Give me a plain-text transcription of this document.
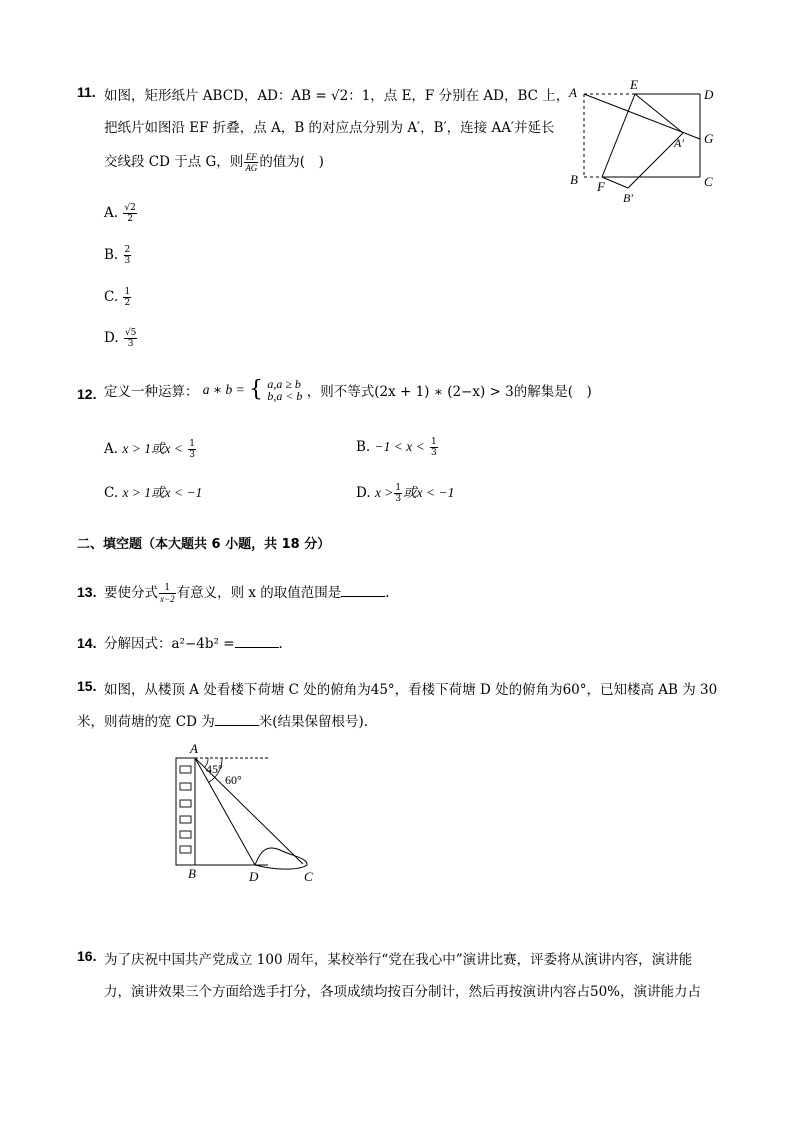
11. 如图，矩形纸片 ABCD，AD：AB = √2：1，点 E，F 分别在 AD，BC 上，
把纸片如图沿 EF 折叠，点 A，B 的对应点分别为 A′，B′，连接 AA′并延长
交线段 CD 于点 G，则 $\frac{EF}{AG}$ 的值为(　)
A. $\frac{√2}{2}$
B. $\frac{2}{3}$
C. $\frac{1}{2}$
D. $\frac{√5}{3}$
A
E
D
G
A′
C
B F
B′
12. 定义一种运算： a ∗ b = { a,a ≥ b
b,a < b ，则不等式(2x + 1) ∗ (2−x) > 3的解集是(　)
A. x > 1或$x < \frac{1}{3}$	B. $-1 < x < \frac{1}{3}$
C. x > 1或x < −1	D. $x > \frac{1}{3}$ 或x < −1
二、填空题（本大题共 6 小题，共 18 分）
13. 要使分式 $\frac{1}{x-2}$ 有意义，则 x 的取值范围是	.
14. 分解因式：a²−4b² =	.
15. 如图，从楼顶 A 处看楼下荷塘 C 处的俯角为45°，看楼下荷塘 D 处的俯角为60°，已知楼高 AB 为 30
米，则荷塘的宽 CD 为	米(结果保留根号).
A
45°
60°
B	D	C
16. 为了庆祝中国共产党成立 100 周年，某校举行“党在我心中”演讲比赛，评委将从演讲内容，演讲能
力，演讲效果三个方面给选手打分，各项成绩均按百分制计，然后再按演讲内容占50%，演讲能力占
